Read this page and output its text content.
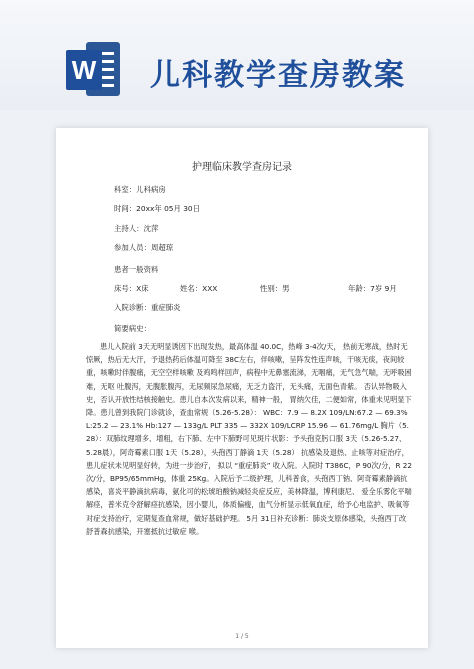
W 儿科教学查房教案
护理临床教学查房记录
科室：儿科病房
时间：20xx年 05月 30日
主持人：沈萍
参加人员：周超琼
患者一般资料
床号：X床	姓名：XXX	性别：男	年龄：7岁 9月
入院诊断：重症肺炎
简要病史：

患儿入院前 3天无明显诱因下出现发热，最高体温 40.0C，热峰 3-4次/天， 热前无寒战，热时无惊厥，热后无大汗，予退热药后体温可降至 38C左右，伴咳嗽，呈阵发性连声咳，干咳无痰，夜间较重，咳嗽时伴腹痛，无空空样咳嗽 及鸡鸣样回声，病程中无鼻塞流涕，无咽痛，无气急气喘，无呼吸困难，无呕 吐腹泻，无腹胀腹泻，无尿频尿急尿痛，无乏力盗汗，无头痛，无面色青紫。 否认异物吸入史，否认开放性结核接触史。患儿自本次发病以来，精神一般， 胃纳欠佳，二便如常，体重未见明显下降。患儿曾到我院门诊就诊，查血常规（5.26-5.28）： WBC：7.9 — 8.2X 109/LN:67.2 — 69.3% L:25.2 — 23.1% Hb:127 — 133g/L PLT 335 — 332X 109/LCRP 15.96 — 61.76mg/L 胸片（5.28）：双肺纹理增多、增粗，右下肺、左中下肺野可见斑片状影：予头孢克肟口服 3天（5.26-5.27、5.28晨），阿奇霉素口服 1天（5.28），头孢西丁静滴 1天（5.28） 抗感染及退热、止咳等对症治疗，患儿症状未见明显好转，为进一步治疗， 拟以 “重症肺炎” 收入院。入院时 T386C，P 90次/分，R 22次/分，BP95/65mmHg，体重 25Kg。入院后予二级护理，儿科普食，头孢西丁钠、阿奇霉素静滴抗感染，喜炎平静滴抗病毒，氨化可的松琥珀酸钠减轻炎症反应，美林降温，博利康尼、 爱全乐雾化平喘解痉，普米克令舒解痉抗感染，因小婴儿，体质偏瘦，血气分析显示低氧血症，给予心电监护、吸氧等对症支持治疗，定期复查血常规，做好基础护理。 5月 31日补充诊断：肺炎支原体感染，头孢西丁改舒普森抗感染，开塞抵抗过敏症 喉。

1 / 5
